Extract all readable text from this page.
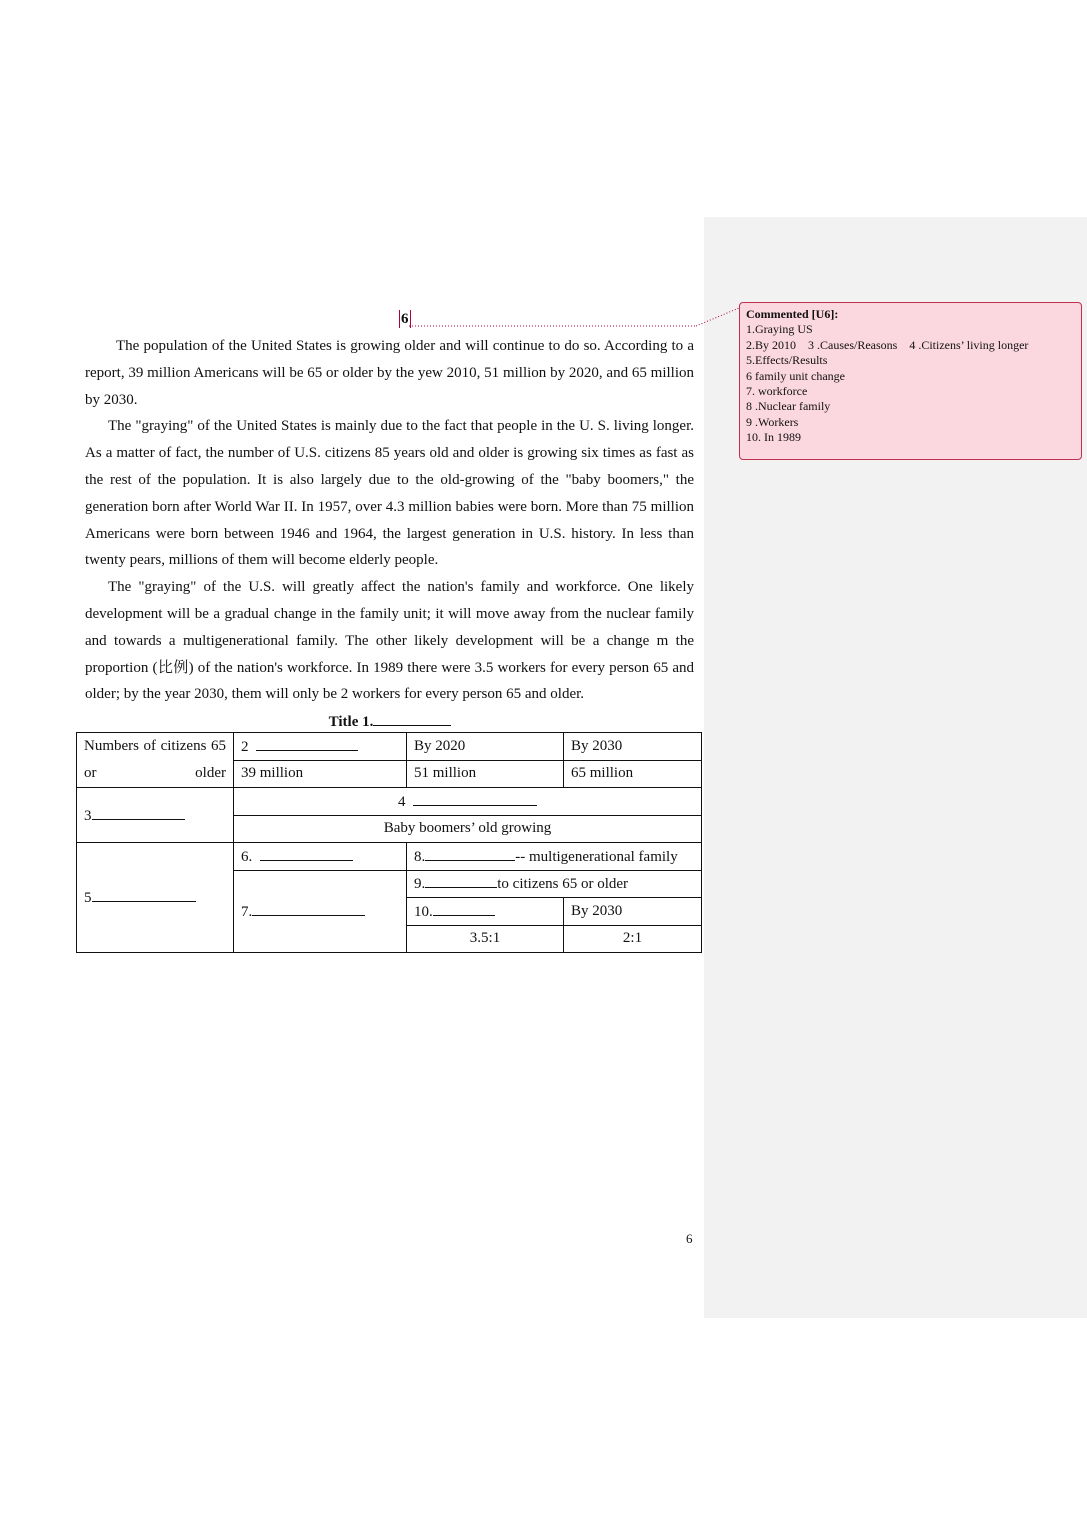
6	Commented [U6]:
1.Graying US
2.By 2010    3 .Causes/Reasons    4 .Citizens’ living longer
5.Effects/Results
6 family unit change
7. workforce
8 .Nuclear family
9 .Workers
10. In 1989

The population of the United States is growing older and will continue to do so. According to a report, 39 million Americans will be 65 or older by the yew 2010, 51 million by 2020, and 65 million by 2030.

The "graying" of the United States is mainly due to the fact that people in the U. S. living longer. As a matter of fact, the number of U.S. citizens 85 years old and older is growing six times as fast as the rest of the population. It is also largely due to the old-growing of the "baby boomers," the generation born after World War II. In 1957, over 4.3 million babies were born. More than 75 million Americans were born between 1946 and 1964, the largest generation in U.S. history. In less than twenty pears, millions of them will become elderly people.

The "graying" of the U.S. will greatly affect the nation's family and workforce. One likely development will be a gradual change in the family unit; it will move away from the nuclear family and towards a multigenerational family. The other likely development will be a change m the proportion (比例) of the nation's workforce. In 1989 there were 3.5 workers for every person 65 and older; by the year 2030, them will only be 2 workers for every person 65 and older.

Title 1.
Numbers of citizens 65 or older	2	By 2020	By 2030
	39 million	51 million	65 million
3	4		
	Baby boomers’ old growing		
5	6.	8. -- multigenerational family	
	7.	9. to citizens 65 or older	
		10.	By 2030
		3.5:1	2:1
6
